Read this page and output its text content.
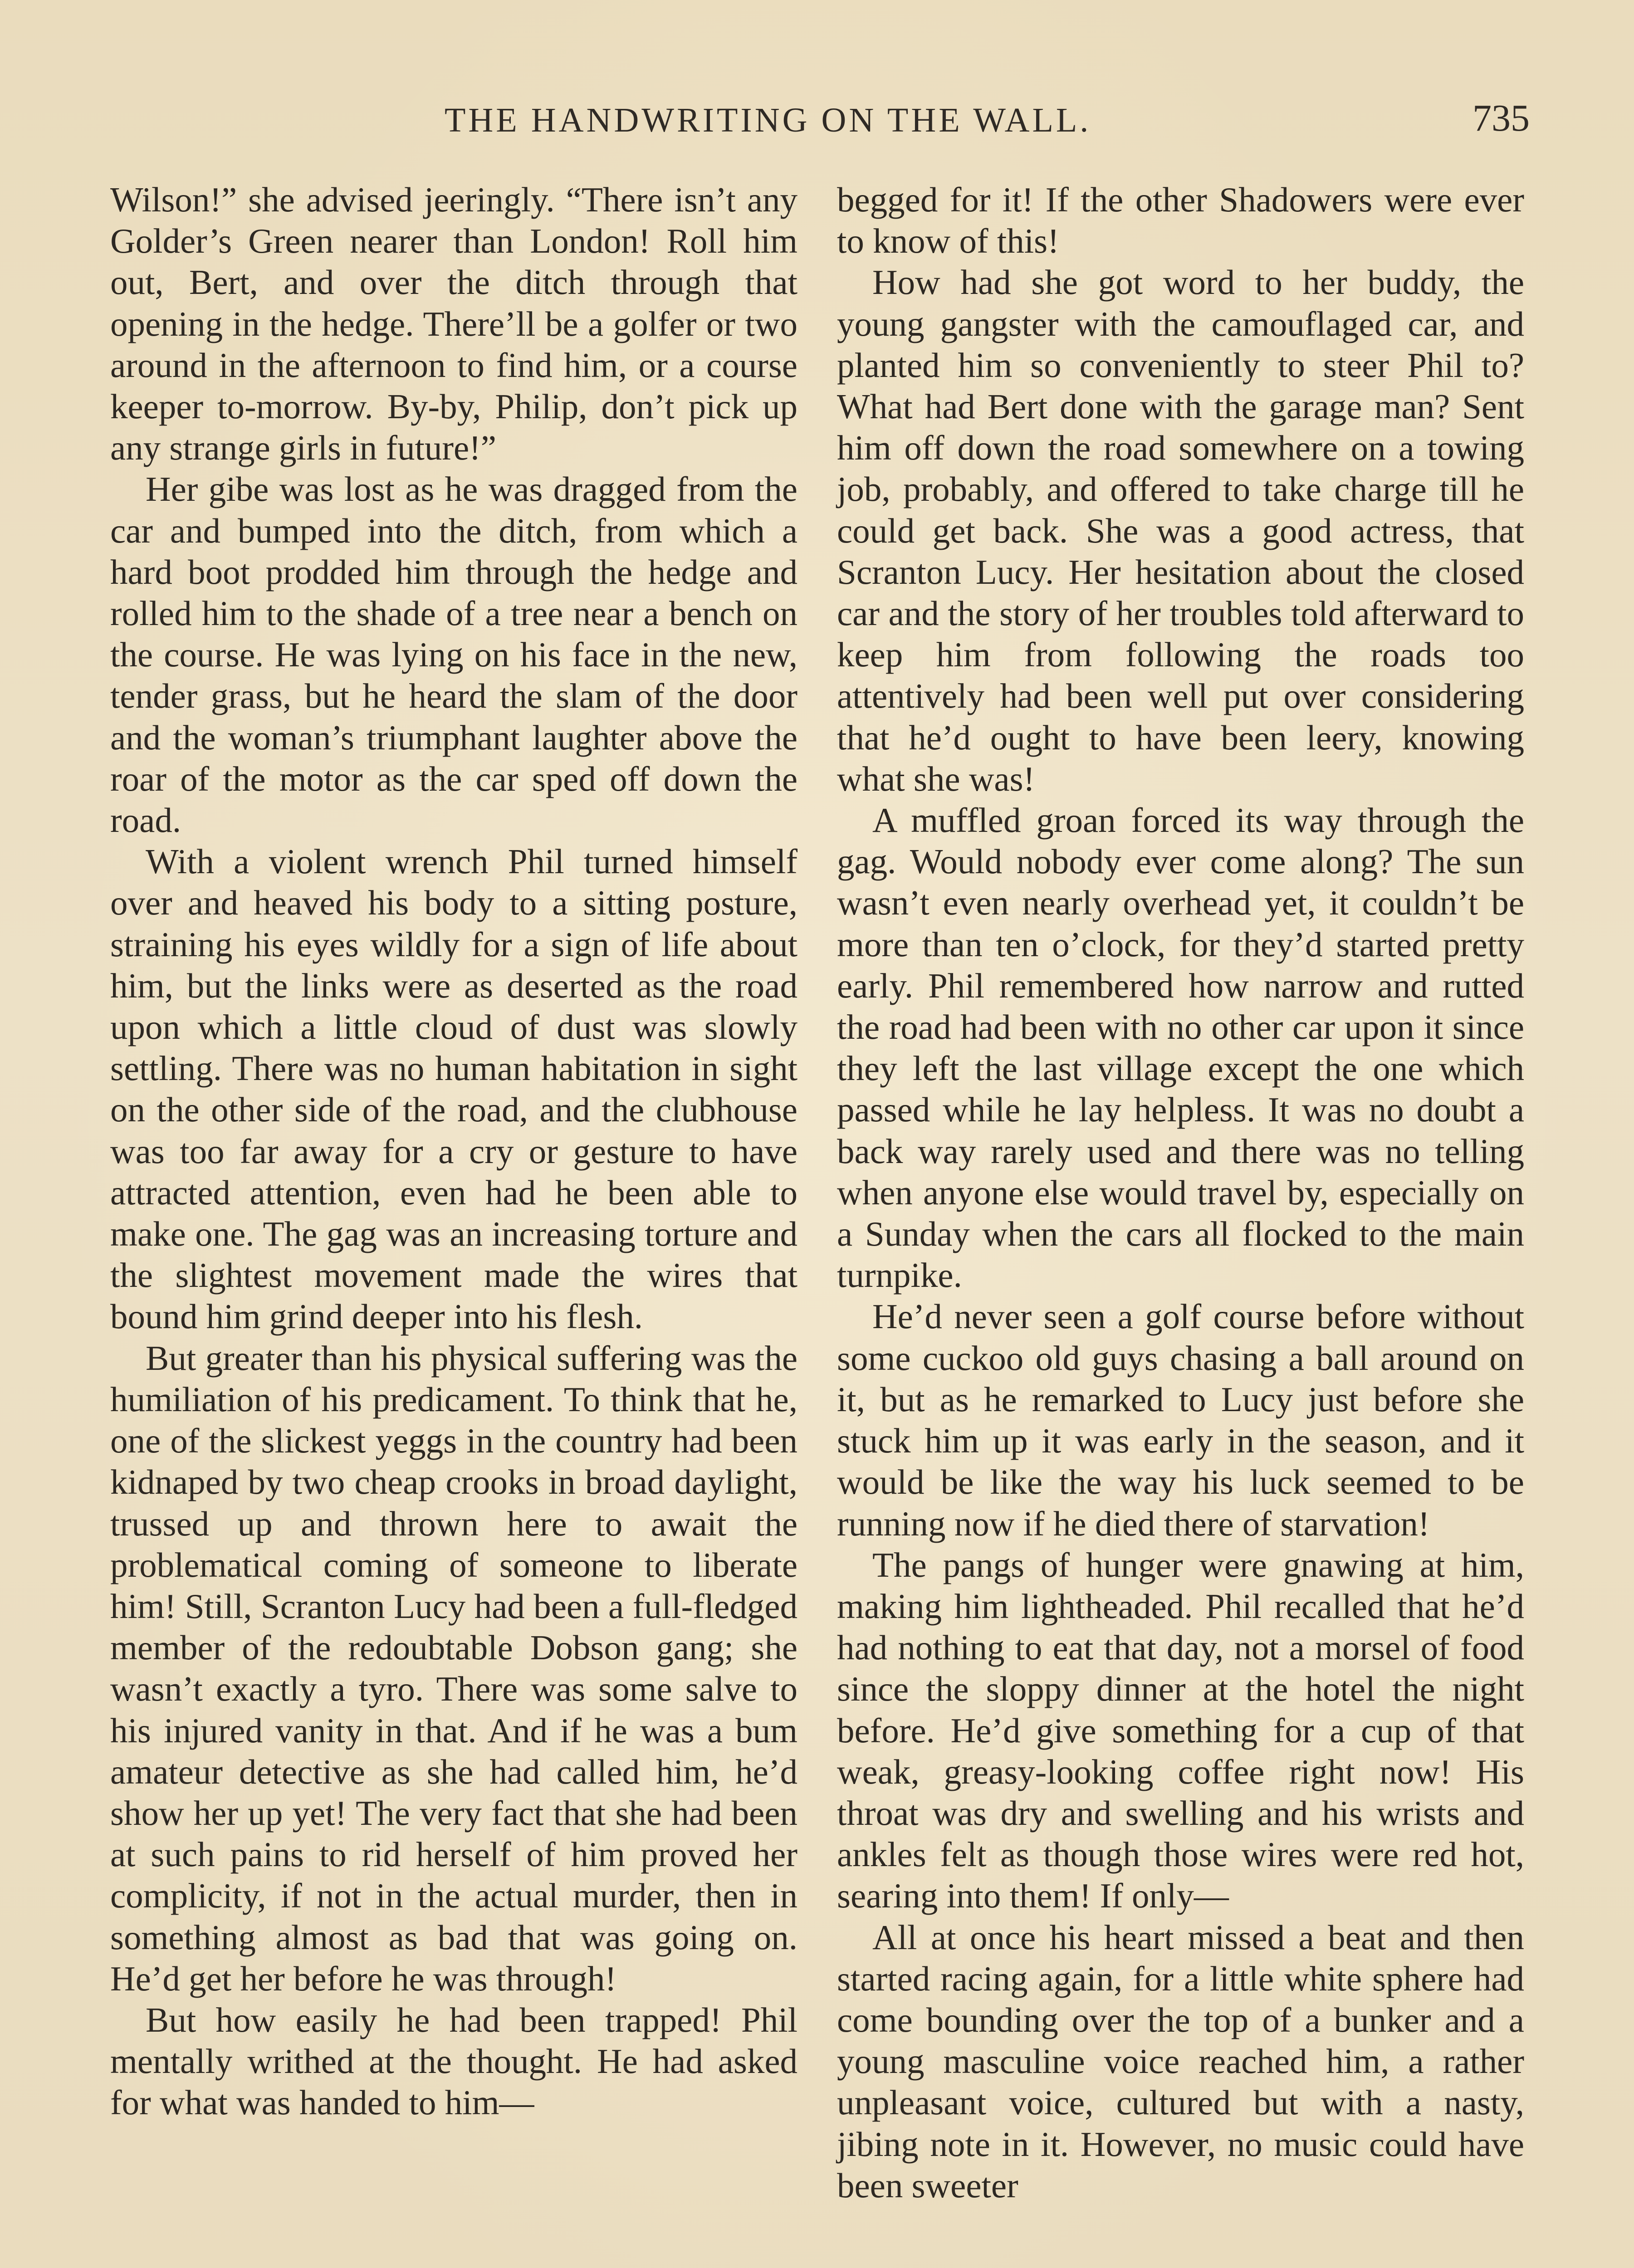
THE HANDWRITING ON THE WALL.	735

Wilson!” she advised jeeringly. “There isn’t any Golder’s Green nearer than London! Roll him out, Bert, and over the ditch through that opening in the hedge. There’ll be a golfer or two around in the afternoon to find him, or a course keeper to-morrow. By-by, Philip, don’t pick up any strange girls in future!”

Her gibe was lost as he was dragged from the car and bumped into the ditch, from which a hard boot prodded him through the hedge and rolled him to the shade of a tree near a bench on the course. He was lying on his face in the new, tender grass, but he heard the slam of the door and the woman’s triumphant laughter above the roar of the motor as the car sped off down the road.

With a violent wrench Phil turned himself over and heaved his body to a sitting posture, straining his eyes wildly for a sign of life about him, but the links were as deserted as the road upon which a little cloud of dust was slowly settling. There was no human habitation in sight on the other side of the road, and the clubhouse was too far away for a cry or gesture to have attracted attention, even had he been able to make one. The gag was an increasing torture and the slightest movement made the wires that bound him grind deeper into his flesh.

But greater than his physical suffering was the humiliation of his predicament. To think that he, one of the slickest yeggs in the country had been kidnaped by two cheap crooks in broad daylight, trussed up and thrown here to await the problematical coming of someone to liberate him! Still, Scranton Lucy had been a full-fledged member of the redoubtable Dobson gang; she wasn’t exactly a tyro. There was some salve to his injured vanity in that. And if he was a bum amateur detective as she had called him, he’d show her up yet! The very fact that she had been at such pains to rid herself of him proved her complicity, if not in the actual murder, then in something almost as bad that was going on. He’d get her before he was through!

But how easily he had been trapped! Phil mentally writhed at the thought. He had asked for what was handed to him—

begged for it! If the other Shadowers were ever to know of this!

How had she got word to her buddy, the young gangster with the camouflaged car, and planted him so conveniently to steer Phil to? What had Bert done with the garage man? Sent him off down the road somewhere on a towing job, probably, and offered to take charge till he could get back. She was a good actress, that Scranton Lucy. Her hesitation about the closed car and the story of her troubles told afterward to keep him from following the roads too attentively had been well put over considering that he’d ought to have been leery, knowing what she was!

A muffled groan forced its way through the gag. Would nobody ever come along? The sun wasn’t even nearly overhead yet, it couldn’t be more than ten o’clock, for they’d started pretty early. Phil remembered how narrow and rutted the road had been with no other car upon it since they left the last village except the one which passed while he lay helpless. It was no doubt a back way rarely used and there was no telling when anyone else would travel by, especially on a Sunday when the cars all flocked to the main turnpike.

He’d never seen a golf course before without some cuckoo old guys chasing a ball around on it, but as he remarked to Lucy just before she stuck him up it was early in the season, and it would be like the way his luck seemed to be running now if he died there of starvation!

The pangs of hunger were gnawing at him, making him lightheaded. Phil recalled that he’d had nothing to eat that day, not a morsel of food since the sloppy dinner at the hotel the night before. He’d give something for a cup of that weak, greasy-looking coffee right now! His throat was dry and swelling and his wrists and ankles felt as though those wires were red hot, searing into them! If only—

All at once his heart missed a beat and then started racing again, for a little white sphere had come bounding over the top of a bunker and a young masculine voice reached him, a rather unpleasant voice, cultured but with a nasty, jibing note in it. However, no music could have been sweeter
